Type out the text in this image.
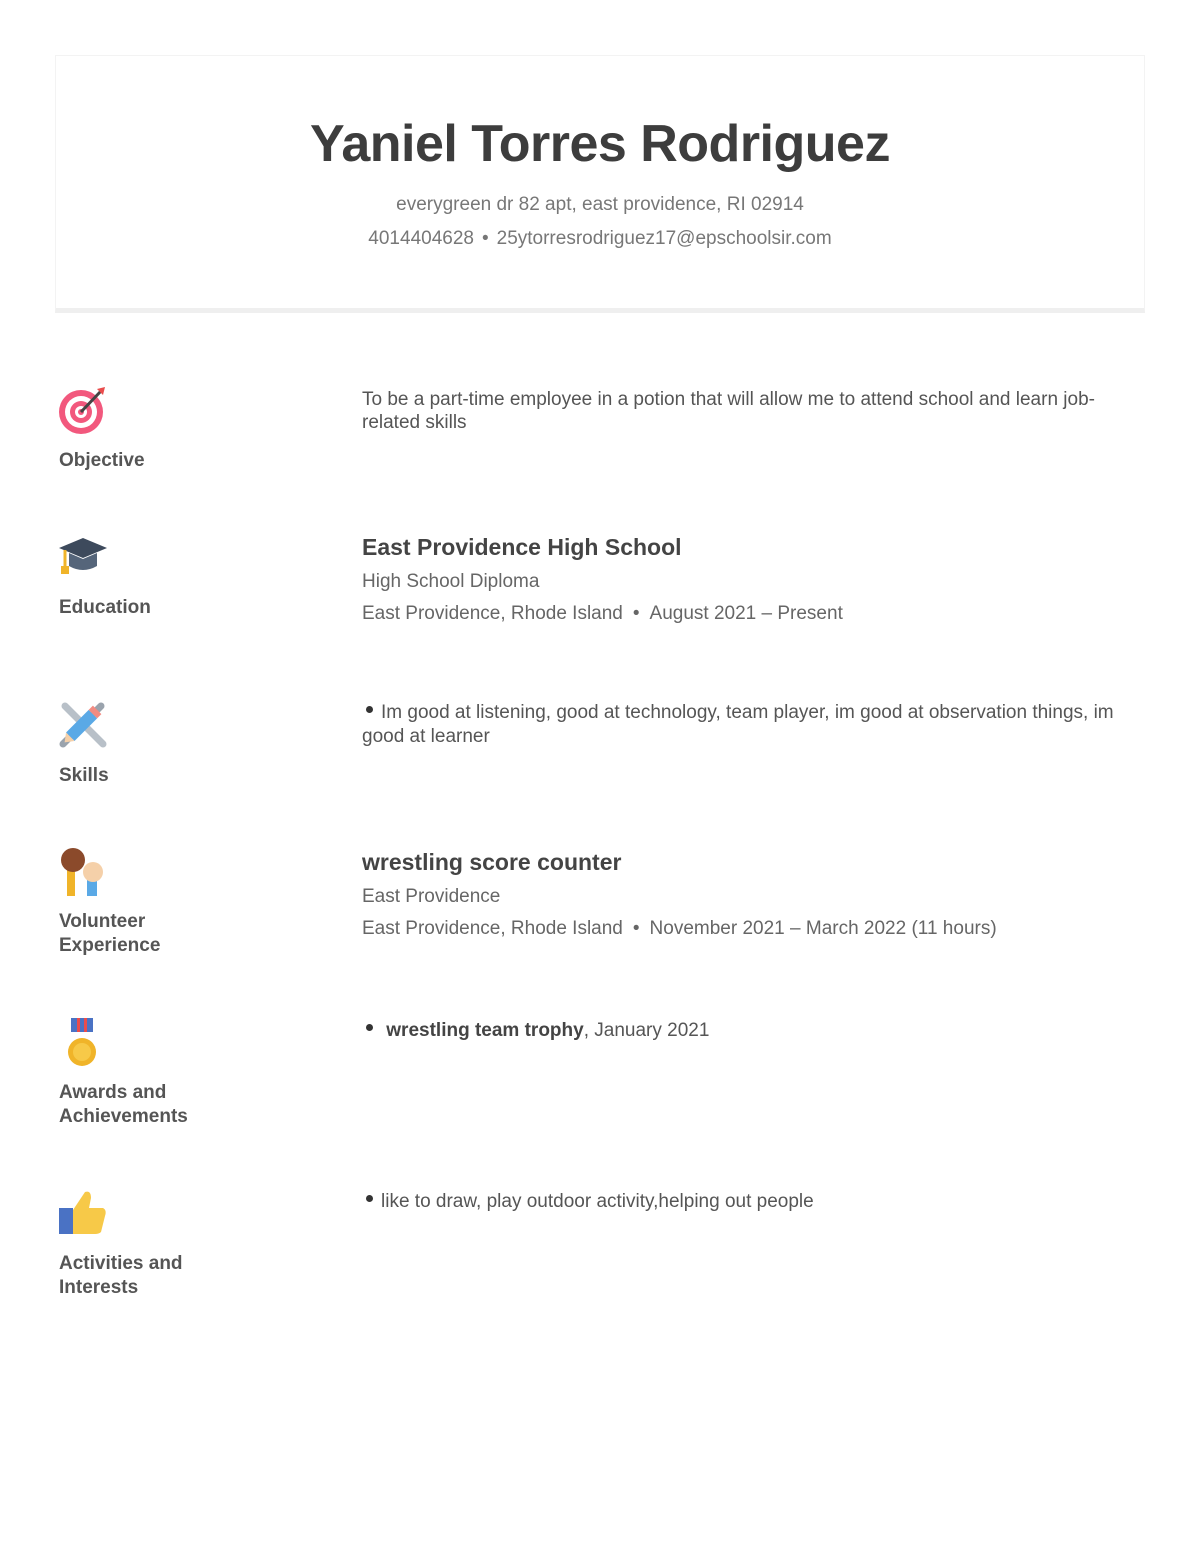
Yaniel Torres Rodriguez
everygreen dr 82 apt, east providence, RI 02914
4014404628 • 25ytorresrodriguez17@epschoolsir.com
Objective
To be a part-time employee in a potion that will allow me to attend school and learn job-related skills
Education
East Providence High School
High School Diploma
East Providence, Rhode Island • August 2021 – Present
Skills
Im good at listening, good at technology, team player, im good at observation things, im good at learner
Volunteer Experience
wrestling score counter
East Providence
East Providence, Rhode Island • November 2021 – March 2022 (11 hours)
Awards and Achievements
wrestling team trophy, January 2021
Activities and Interests
like to draw, play outdoor activity,helping out people
